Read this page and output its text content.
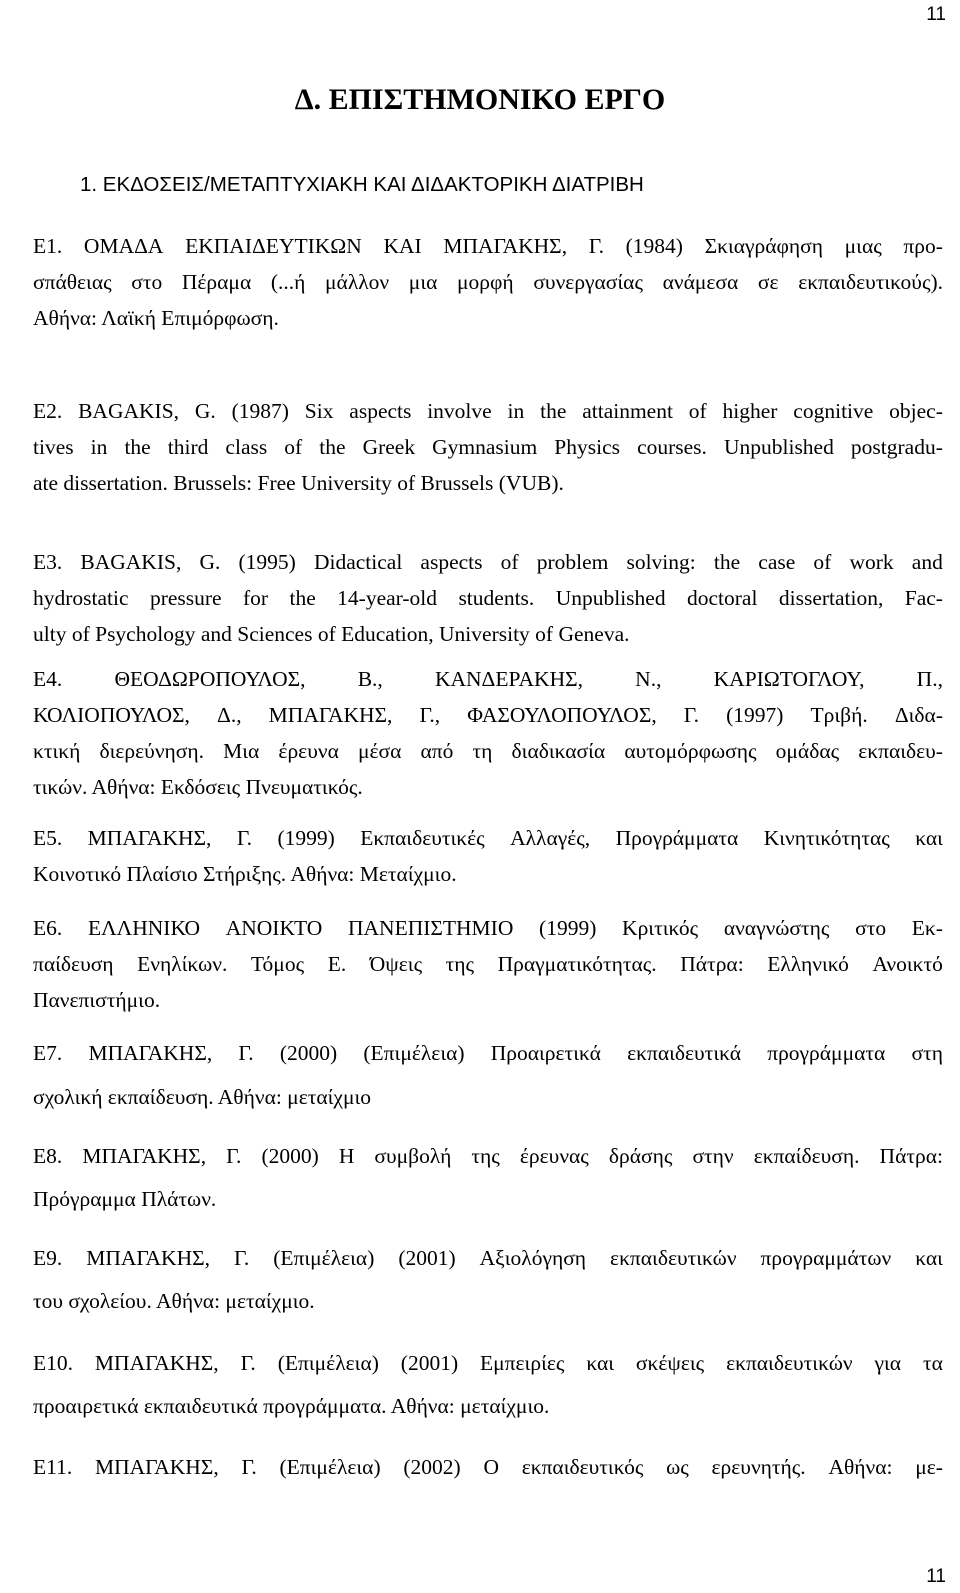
11
Δ. ΕΠΙΣΤΗΜΟΝΙΚΟ ΕΡΓΟ
1. ΕΚΔΟΣΕΙΣ/ΜΕΤΑΠΤΥΧΙΑΚΗ ΚΑΙ ΔΙΔΑΚΤΟΡΙΚΗ ΔΙΑΤΡΙΒΗ
Ε1. ΟΜΑΔΑ ΕΚΠΑΙΔΕΥΤΙΚΩΝ ΚΑΙ ΜΠΑΓΑΚΗΣ, Γ. (1984) Σκιαγράφηση μιας προ-
σπάθειας στο Πέραμα (...ή μάλλον μια μορφή συνεργασίας ανάμεσα σε εκπαιδευτικούς).
Αθήνα: Λαϊκή Επιμόρφωση.
Ε2. BAGAKIS, G. (1987) Six aspects involve in the attainment of higher cognitive objec-
tives in the third class of the Greek Gymnasium Physics courses. Unpublished postgradu-
ate dissertation. Brussels: Free University of Brussels (VUB).
Ε3. BAGAKIS, G. (1995) Didactical aspects of problem solving: the case of work and
hydrostatic pressure for the 14-year-old students. Unpublished doctoral dissertation, Fac-
ulty of Psychology and Sciences of Education, University of Geneva.
Ε4. ΘΕΟΔΩΡΟΠΟΥΛΟΣ, Β., ΚΑΝΔΕΡΑΚΗΣ, Ν., ΚΑΡΙΩΤΟΓΛΟΥ, Π.,
ΚΟΛΙΟΠΟΥΛΟΣ, Δ., ΜΠΑΓΑΚΗΣ, Γ., ΦΑΣΟΥΛΟΠΟΥΛΟΣ, Γ. (1997) Τριβή. Διδα-
κτική διερεύνηση. Μια έρευνα μέσα από τη διαδικασία αυτομόρφωσης ομάδας εκπαιδευ-
τικών. Αθήνα: Εκδόσεις Πνευματικός.
Ε5. ΜΠΑΓΑΚΗΣ, Γ. (1999) Εκπαιδευτικές Αλλαγές, Προγράμματα Κινητικότητας και
Κοινοτικό Πλαίσιο Στήριξης. Αθήνα: Μεταίχμιο.
Ε6. ΕΛΛΗΝΙΚΟ ΑΝΟΙΚΤΟ ΠΑΝΕΠΙΣΤΗΜΙΟ (1999) Κριτικός αναγνώστης στο Εκ-
παίδευση Ενηλίκων. Τόμος Ε. Όψεις της Πραγματικότητας. Πάτρα: Ελληνικό Ανοικτό
Πανεπιστήμιο.
Ε7. ΜΠΑΓΑΚΗΣ, Γ. (2000) (Επιμέλεια) Προαιρετικά εκπαιδευτικά προγράμματα στη
σχολική εκπαίδευση. Αθήνα: μεταίχμιο
Ε8. ΜΠΑΓΑΚΗΣ, Γ. (2000) Η συμβολή της έρευνας δράσης στην εκπαίδευση. Πάτρα:
Πρόγραμμα Πλάτων.
Ε9. ΜΠΑΓΑΚΗΣ, Γ. (Επιμέλεια) (2001) Αξιολόγηση εκπαιδευτικών προγραμμάτων και
του σχολείου. Αθήνα: μεταίχμιο.
Ε10. ΜΠΑΓΑΚΗΣ, Γ. (Επιμέλεια) (2001) Εμπειρίες και σκέψεις εκπαιδευτικών για τα
προαιρετικά εκπαιδευτικά προγράμματα. Αθήνα: μεταίχμιο.
Ε11. ΜΠΑΓΑΚΗΣ, Γ. (Επιμέλεια) (2002) Ο εκπαιδευτικός ως ερευνητής. Αθήνα: με-
11
